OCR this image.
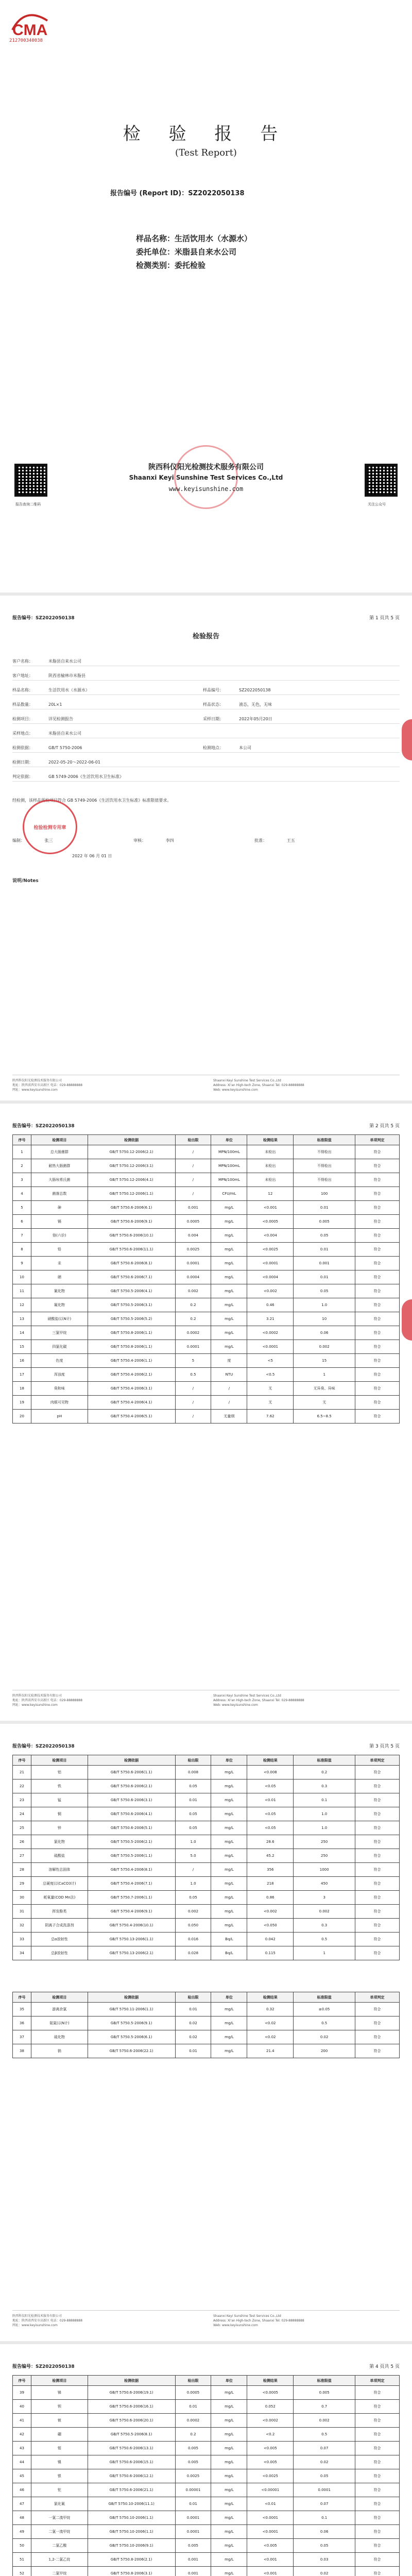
CMA
212700340038
检 验 报 告
(Test Report)
报告编号 (Report ID)：SZ2022050138
样品名称：生活饮用水（水源水）
委托单位：米脂县自来水公司
检测类别：委托检验
报告查询二维码	关注公众号
陕西科仪阳光检测技术服务有限公司
Shaanxi Keyi Sunshine Test Services Co.,Ltd
www.keyisunshine.com
报告编号：SZ2022050138	第 1 页共 5 页
检验报告
客户名称：	米脂县自来水公司
客户地址：	陕西省榆林市米脂县
样品名称：	生活饮用水（水源水）	样品编号：	SZ2022050138
样品数量：	20L×1	样品状态：	液态，无色，无味
检测项目：	详见检测报告	采样日期：	2022年05月20日
采样地点：	米脂县自来水公司
检测依据：	GB/T 5750-2006	检测地点：	本公司
检测日期：	2022-05-20～2022-06-01
判定依据：	GB 5749-2006《生活饮用水卫生标准》
经检测，该样品所检项目符合 GB 5749-2006《生活饮用水卫生标准》标准限值要求。
编制：	张三	审核：	李四	批准：	王五
2022 年 06 月 01 日
检验检测专用章
说明/Notes
陕西科仪阳光检测技术服务有限公司
地址：陕西省西安市高新区 电话：029-88888888
网址：www.keyisunshine.com
Shaanxi Keyi Sunshine Test Services Co.,Ltd
Address: Xi'an High-tech Zone, Shaanxi Tel: 029-88888888
Web: www.keyisunshine.com
报告编号：SZ2022050138	第 2 页共 5 页
序号	检测项目	检测依据	检出限	单位	检测结果	标准限值	单项判定
1	总大肠菌群	GB/T 5750.12-2006(2.1)	/	MPN/100mL	未检出	不得检出	符合
2	耐热大肠菌群	GB/T 5750.12-2006(3.1)	/	MPN/100mL	未检出	不得检出	符合
3	大肠埃希氏菌	GB/T 5750.12-2006(4.1)	/	MPN/100mL	未检出	不得检出	符合
4	菌落总数	GB/T 5750.12-2006(1.1)	/	CFU/mL	12	100	符合
5	砷	GB/T 5750.6-2006(6.1)	0.001	mg/L	<0.001	0.01	符合
6	镉	GB/T 5750.6-2006(9.1)	0.0005	mg/L	<0.0005	0.005	符合
7	铬(六价)	GB/T 5750.6-2006(10.1)	0.004	mg/L	<0.004	0.05	符合
8	铅	GB/T 5750.6-2006(11.1)	0.0025	mg/L	<0.0025	0.01	符合
9	汞	GB/T 5750.6-2006(8.1)	0.0001	mg/L	<0.0001	0.001	符合
10	硒	GB/T 5750.6-2006(7.1)	0.0004	mg/L	<0.0004	0.01	符合
11	氰化物	GB/T 5750.5-2006(4.1)	0.002	mg/L	<0.002	0.05	符合
12	氟化物	GB/T 5750.5-2006(3.1)	0.2	mg/L	0.46	1.0	符合
13	硝酸盐(以N计)	GB/T 5750.5-2006(5.2)	0.2	mg/L	3.21	10	符合
14	三氯甲烷	GB/T 5750.8-2006(1.1)	0.0002	mg/L	<0.0002	0.06	符合
15	四氯化碳	GB/T 5750.8-2006(1.1)	0.0001	mg/L	<0.0001	0.002	符合
16	色度	GB/T 5750.4-2006(1.1)	5	度	<5	15	符合
17	浑浊度	GB/T 5750.4-2006(2.1)	0.5	NTU	<0.5	1	符合
18	臭和味	GB/T 5750.4-2006(3.1)	/	/	无	无异臭、异味	符合
19	肉眼可见物	GB/T 5750.4-2006(4.1)	/	/	无	无	符合
20	pH	GB/T 5750.4-2006(5.1)	/	无量纲	7.62	6.5~8.5	符合
陕西科仪阳光检测技术服务有限公司
地址：陕西省西安市高新区 电话：029-88888888
网址：www.keyisunshine.com
Shaanxi Keyi Sunshine Test Services Co.,Ltd
Address: Xi'an High-tech Zone, Shaanxi Tel: 029-88888888
Web: www.keyisunshine.com
报告编号：SZ2022050138	第 3 页共 5 页
序号	检测项目	检测依据	检出限	单位	检测结果	标准限值	单项判定
21	铝	GB/T 5750.6-2006(1.1)	0.008	mg/L	<0.008	0.2	符合
22	铁	GB/T 5750.6-2006(2.1)	0.05	mg/L	<0.05	0.3	符合
23	锰	GB/T 5750.6-2006(3.1)	0.01	mg/L	<0.01	0.1	符合
24	铜	GB/T 5750.6-2006(4.1)	0.05	mg/L	<0.05	1.0	符合
25	锌	GB/T 5750.6-2006(5.1)	0.05	mg/L	<0.05	1.0	符合
26	氯化物	GB/T 5750.5-2006(2.1)	1.0	mg/L	28.6	250	符合
27	硫酸盐	GB/T 5750.5-2006(1.1)	5.0	mg/L	45.2	250	符合
28	溶解性总固体	GB/T 5750.4-2006(8.1)	/	mg/L	356	1000	符合
29	总硬度(以CaCO3计)	GB/T 5750.4-2006(7.1)	1.0	mg/L	218	450	符合
30	耗氧量(COD Mn法)	GB/T 5750.7-2006(1.1)	0.05	mg/L	0.86	3	符合
31	挥发酚类	GB/T 5750.4-2006(9.1)	0.002	mg/L	<0.002	0.002	符合
32	阴离子合成洗涤剂	GB/T 5750.4-2006(10.1)	0.050	mg/L	<0.050	0.3	符合
33	总α放射性	GB/T 5750.13-2006(1.1)	0.016	Bq/L	0.042	0.5	符合
34	总β放射性	GB/T 5750.13-2006(2.1)	0.028	Bq/L	0.115	1	符合
序号	检测项目	检测依据	检出限	单位	检测结果	标准限值	单项判定
35	游离余氯	GB/T 5750.11-2006(1.1)	0.01	mg/L	0.32	≥0.05	符合
36	氨氮(以N计)	GB/T 5750.5-2006(9.1)	0.02	mg/L	<0.02	0.5	符合
37	硫化物	GB/T 5750.5-2006(6.1)	0.02	mg/L	<0.02	0.02	符合
38	钠	GB/T 5750.6-2006(22.1)	0.01	mg/L	21.4	200	符合
陕西科仪阳光检测技术服务有限公司
地址：陕西省西安市高新区 电话：029-88888888
网址：www.keyisunshine.com
Shaanxi Keyi Sunshine Test Services Co.,Ltd
Address: Xi'an High-tech Zone, Shaanxi Tel: 029-88888888
Web: www.keyisunshine.com
报告编号：SZ2022050138	第 4 页共 5 页
序号	检测项目	检测依据	检出限	单位	检测结果	标准限值	单项判定
39	锑	GB/T 5750.6-2006(19.1)	0.0005	mg/L	<0.0005	0.005	符合
40	钡	GB/T 5750.6-2006(16.1)	0.01	mg/L	0.052	0.7	符合
41	铍	GB/T 5750.6-2006(20.1)	0.0002	mg/L	<0.0002	0.002	符合
42	硼	GB/T 5750.5-2006(8.1)	0.2	mg/L	<0.2	0.5	符合
43	钼	GB/T 5750.6-2006(13.1)	0.005	mg/L	<0.005	0.07	符合
44	镍	GB/T 5750.6-2006(15.1)	0.005	mg/L	<0.005	0.02	符合
45	银	GB/T 5750.6-2006(12.1)	0.0025	mg/L	<0.0025	0.05	符合
46	铊	GB/T 5750.6-2006(21.1)	0.00001	mg/L	<0.00001	0.0001	符合
47	氯化氰	GB/T 5750.10-2006(11.1)	0.01	mg/L	<0.01	0.07	符合
48	一氯二溴甲烷	GB/T 5750.10-2006(1.1)	0.0001	mg/L	<0.0001	0.1	符合
49	二氯一溴甲烷	GB/T 5750.10-2006(1.1)	0.0001	mg/L	<0.0001	0.06	符合
50	二氯乙酸	GB/T 5750.10-2006(9.1)	0.005	mg/L	<0.005	0.05	符合
51	1,2-二氯乙烷	GB/T 5750.8-2006(2.1)	0.001	mg/L	<0.001	0.03	符合
52	二氯甲烷	GB/T 5750.8-2006(3.1)	0.001	mg/L	<0.001	0.02	符合
